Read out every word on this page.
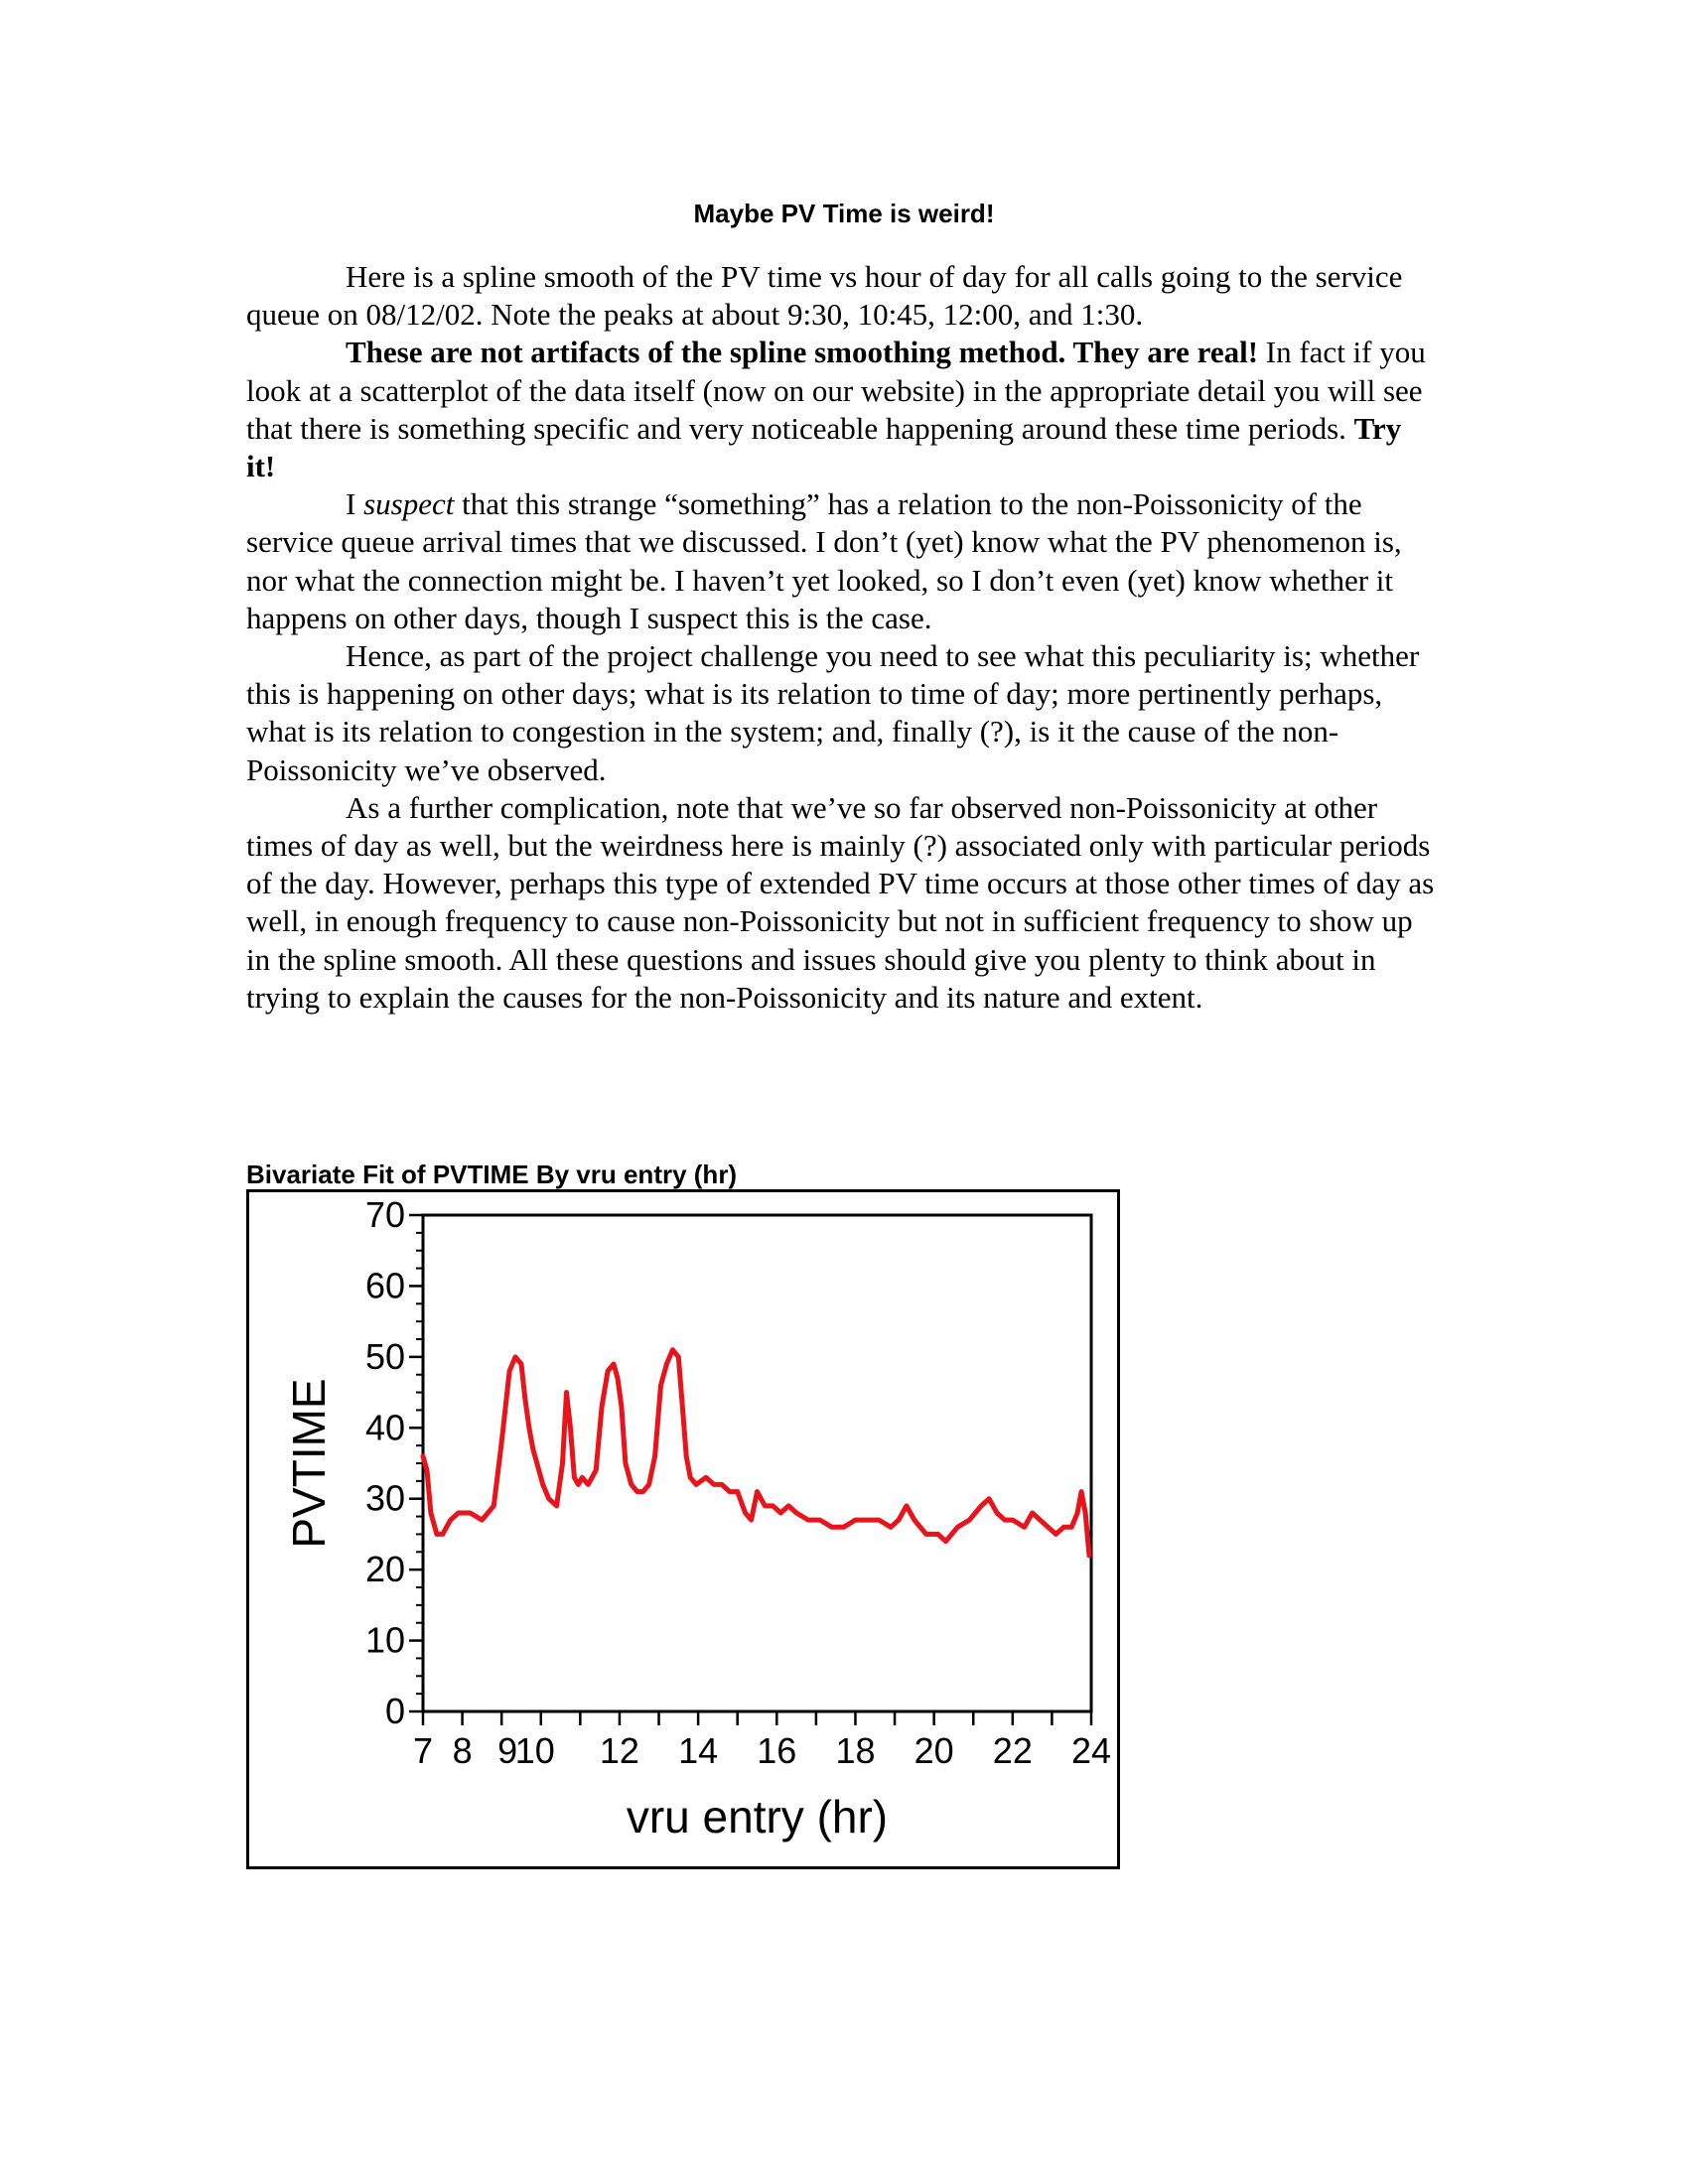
Maybe PV Time is weird!

Here is a spline smooth of the PV time vs hour of day for all calls going to the service queue on 08/12/02. Note the peaks at about 9:30, 10:45, 12:00, and 1:30.

These are not artifacts of the spline smoothing method. They are real! In fact if you look at a scatterplot of the data itself (now on our website) in the appropriate detail you will see that there is something specific and very noticeable happening around these time periods. Try it!

I suspect that this strange “something” has a relation to the non-Poissonicity of the service queue arrival times that we discussed. I don’t (yet) know what the PV phenomenon is, nor what the connection might be. I haven’t yet looked, so I don’t even (yet) know whether it happens on other days, though I suspect this is the case.

Hence, as part of the project challenge you need to see what this peculiarity is; whether this is happening on other days; what is its relation to time of day; more pertinently perhaps, what is its relation to congestion in the system; and, finally (?), is it the cause of the non-Poissonicity we’ve observed.

As a further complication, note that we’ve so far observed non-Poissonicity at other times of day as well, but the weirdness here is mainly (?) associated only with particular periods of the day. However, perhaps this type of extended PV time occurs at those other times of day as well, in enough frequency to cause non-Poissonicity but not in sufficient frequency to show up in the spline smooth. All these questions and issues should give you plenty to think about in trying to explain the causes for the non-Poissonicity and its nature and extent.

Bivariate Fit of PVTIME By vru entry (hr)
0
10
20
30
40
50
60
70
7 8 9
10 12 14 16 18 20 22 24
vru entry (hr)
PVTIME
